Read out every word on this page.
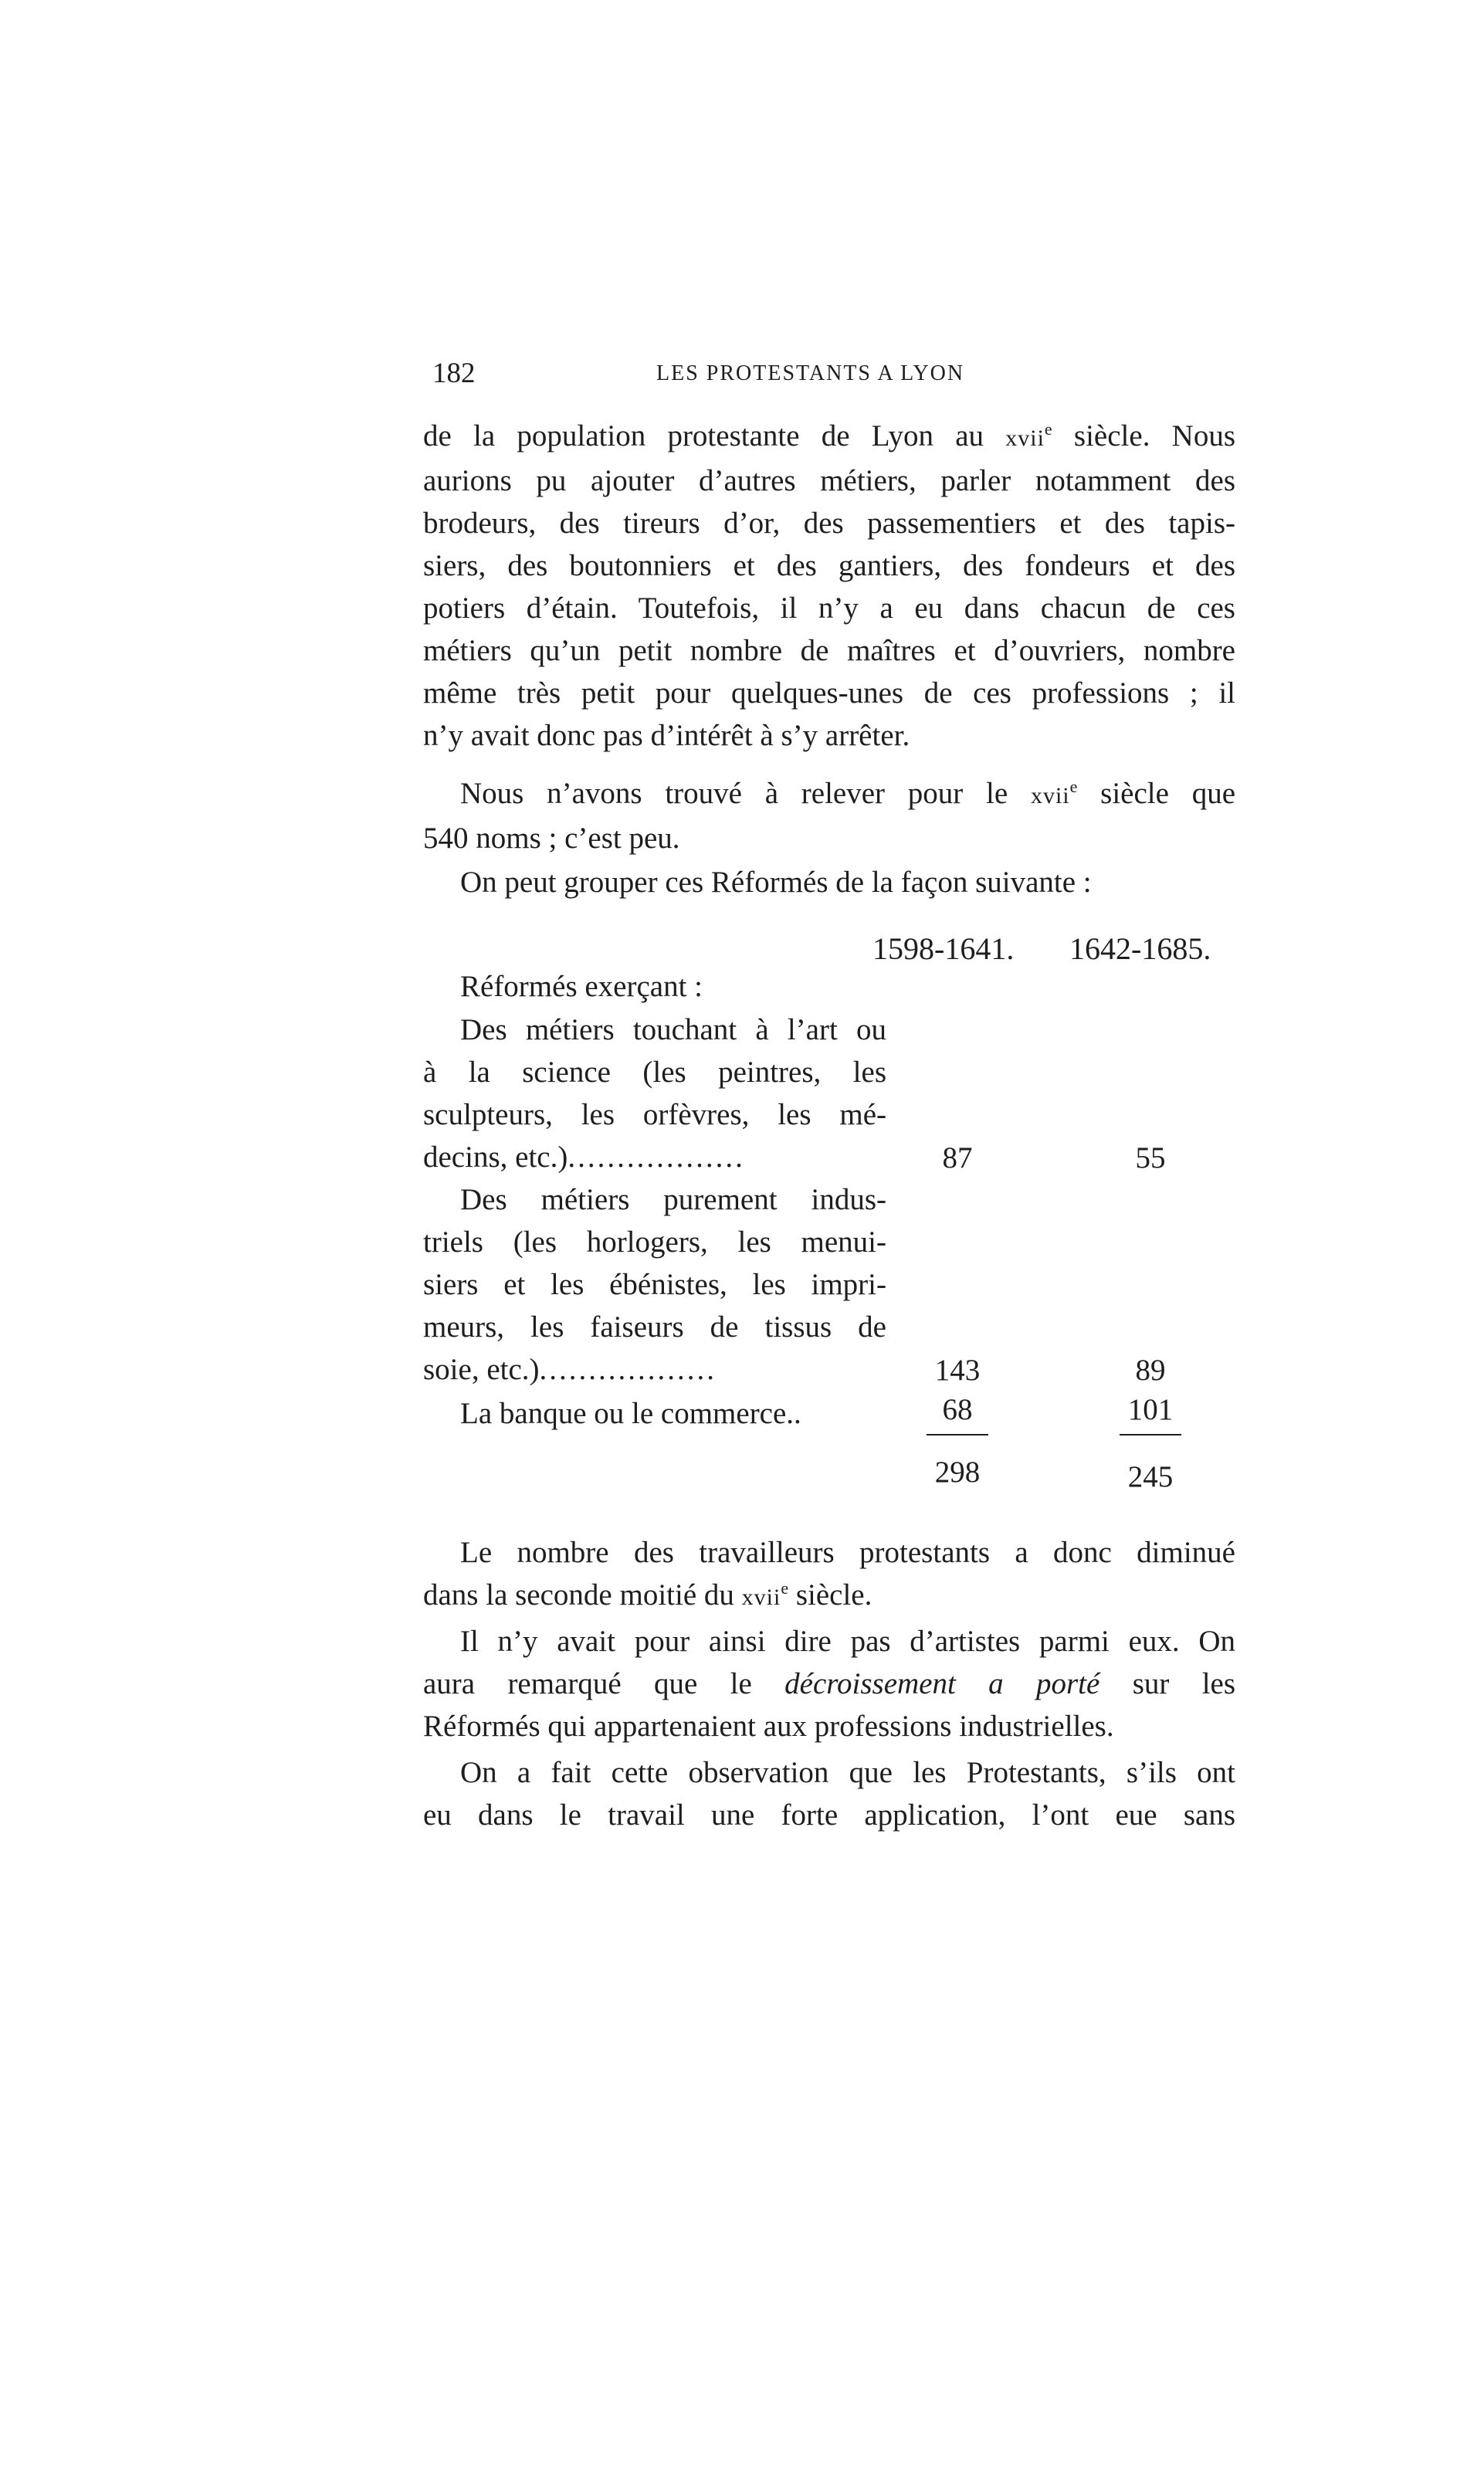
182	LES PROTESTANTS A LYON
de la population protestante de Lyon au xvii$^e$ siècle. Nous
aurions pu ajouter d’autres métiers, parler notamment des
brodeurs, des tireurs d’or, des passementiers et des tapis-
siers, des boutonniers et des gantiers, des fondeurs et des
potiers d’étain. Toutefois, il n’y a eu dans chacun de ces
métiers qu’un petit nombre de maîtres et d’ouvriers, nombre
même très petit pour quelques-unes de ces professions ; il
n’y avait donc pas d’intérêt à s’y arrêter.
Nous n’avons trouvé à relever pour le xvii$^e$ siècle que
540 noms ; c’est peu.
On peut grouper ces Réformés de la façon suivante :
1598-1641. 1642-1685.
Réformés exerçant :
Des métiers touchant à l’art ou
à la science (les peintres, les
sculpteurs, les orfèvres, les mé-
decins, etc.)..................	87	55
Des métiers purement indus-
triels (les horlogers, les menui-
siers et les ébénistes, les impri-
meurs, les faiseurs de tissus de
soie, etc.)..................	143	89
La banque ou le commerce..	68	101
298	245
Le nombre des travailleurs protestants a donc diminué
dans la seconde moitié du xvii$^e$ siècle.
Il n’y avait pour ainsi dire pas d’artistes parmi eux. On
aura remarqué que le décroissement a porté sur les
Réformés qui appartenaient aux professions industrielles.
On a fait cette observation que les Protestants, s’ils ont
eu dans le travail une forte application, l’ont eue sans
